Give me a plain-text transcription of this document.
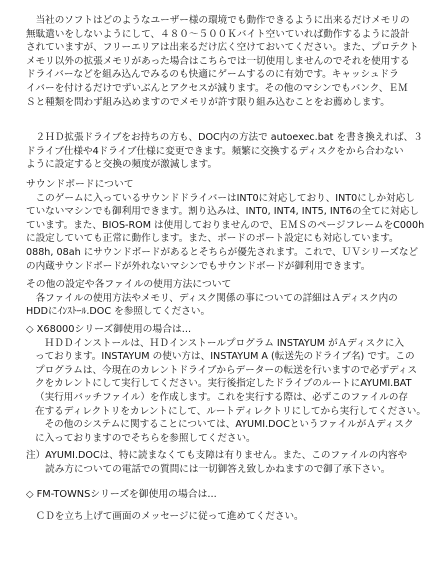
　当社のソフトはどのようなユーザー様の環境でも動作できるように出来るだけメモリの
無駄遣いをしないようにして、４８０～５００Ｋバイト空いていれば動作するように設計
されていますが、フリーエリアは出来るだけ広く空けておいてください。また、プロテクト
メモリ以外の拡張メモリがあった場合はこちらでは一切使用しませんのでそれを使用する
ドライバーなどを組み込んでみるのも快適にゲームするのに有効です。キャッシュドラ
イバーを付けるだけでずいぶんとアクセスが減ります。その他のマシンでもバンク、ＥＭ
Ｓと種類を問わず組み込めますのでメモリが許す限り組み込むことをお薦めします。
　２ＨＤ拡張ドライブをお持ちの方も、DOC内の方法で autoexec.bat を書き換えれば、３
ドライブ仕様や4ドライブ仕様に変更できます。頻繁に交換するディスクをから合わない
ように設定すると交換の頻度が激減します。
サウンドボードについて
　このゲームに入っているサウンドドライバーはINT0に対応しており、INT0にしか対応し
ていないマシンでも御利用できます。割り込みは、INT0, INT4, INT5, INT6の全てに対応し
ています。また、BIOS-ROM は使用しておりませんので、ＥＭＳのページフレームをC000h
に設定していても正常に動作します。また、ボードのポート設定にも対応しています。
088h, 08ah にサウンドボードがあるとそちらが優先されます。これで、ＵＶシリーズなど
の内蔵サウンドボードが外れないマシンでもサウンドボードが御利用できます。
その他の設定や各ファイルの使用方法について
　各ファイルの使用方法やメモリ、ディスク関係の事についての詳細はＡディスク内の
HDDにｲﾝｽﾄｰﾙ.DOC を参照してください。
◇ X68000シリーズ御使用の場合は...
　ＨＤＤインストールは、ＨＤインストールプログラム INSTAYUM がＡディスクに入
っております。INSTAYUM の使い方は、INSTAYUM A (転送先のドライブ名) です。この
プログラムは、今現在のカレントドライブからデーターの転送を行いますので必ずディス
クをカレントにして実行してください。実行後指定したドライブのルートにAYUMI.BAT
（実行用バッチファイル）を作成します。これを実行する際は、必ずこのファイルの存
在するディレクトリをカレントにして、ルートディレクトリにしてから実行してください。
　その他のシステムに関することについては、AYUMI.DOCというファイルがＡディスク
に入っておりますのでそちらを参照してください。
注）AYUMI.DOCは、特に読まなくても支障は有りません。また、このファイルの内容や
　　読み方についての電話での質問には一切御答え致しかねますので御了承下さい。
◇ FM-TOWNSシリーズを御使用の場合は...
　ＣＤを立ち上げて画面のメッセージに従って進めてください。
